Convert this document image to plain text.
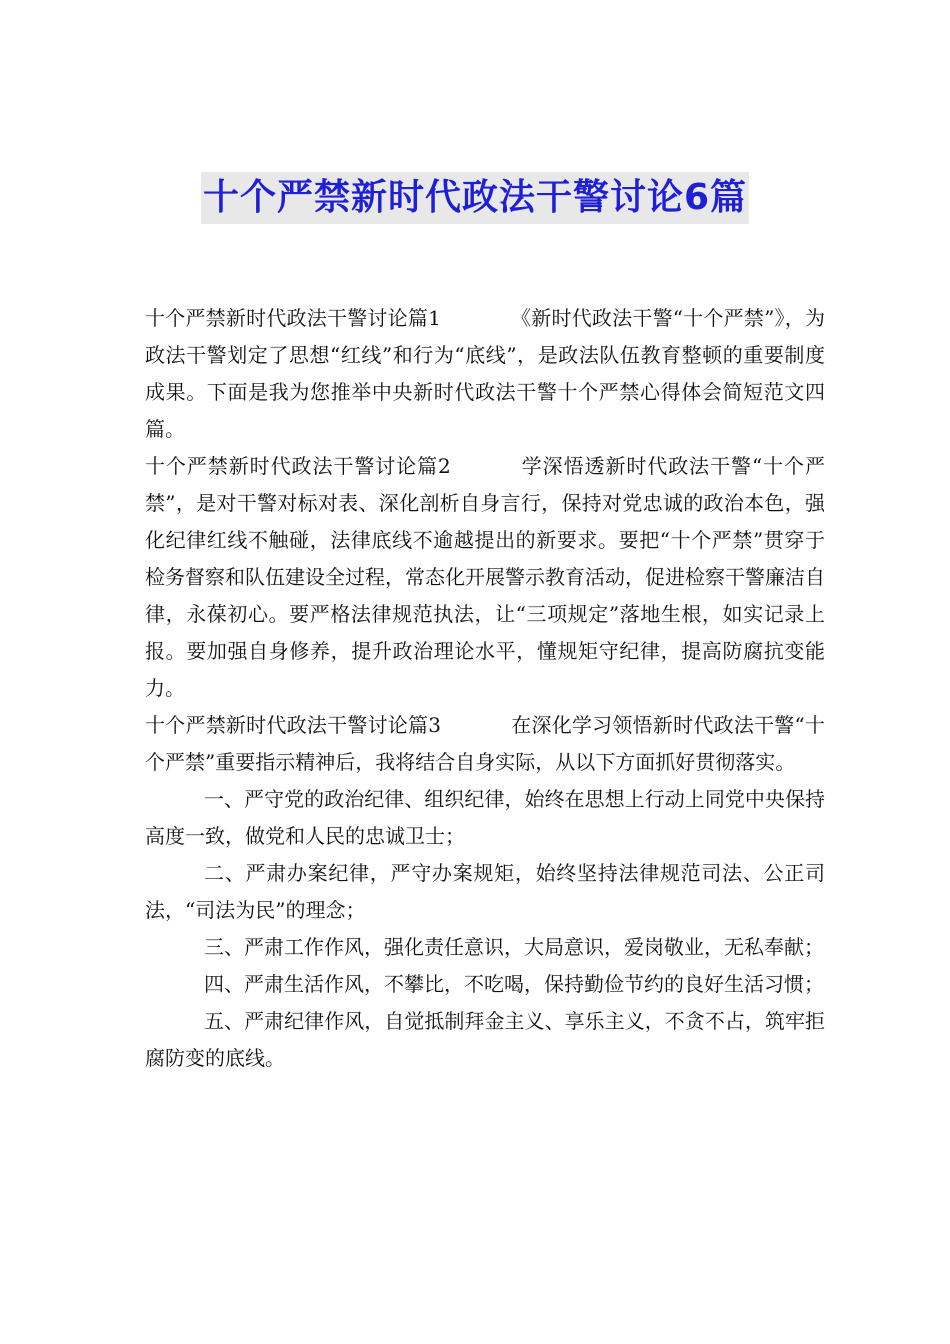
十个严禁新时代政法干警讨论6篇

十个严禁新时代政法干警讨论篇1	《新时代政法干警“十个严禁”》，为政法干警划定了思想“红线”和行为“底线”，是政法队伍教育整顿的重要制度成果。下面是我为您推举中央新时代政法干警十个严禁心得体会简短范文四篇。

十个严禁新时代政法干警讨论篇2	学深悟透新时代政法干警“十个严禁”，是对干警对标对表、深化剖析自身言行，保持对党忠诚的政治本色，强化纪律红线不触碰，法律底线不逾越提出的新要求。要把“十个严禁”贯穿于检务督察和队伍建设全过程，常态化开展警示教育活动，促进检察干警廉洁自律，永葆初心。要严格法律规范执法，让“三项规定”落地生根，如实记录上报。要加强自身修养，提升政治理论水平，懂规矩守纪律，提高防腐抗变能力。

十个严禁新时代政法干警讨论篇3	在深化学习领悟新时代政法干警“十个严禁”重要指示精神后，我将结合自身实际，从以下方面抓好贯彻落实。

一、严守党的政治纪律、组织纪律，始终在思想上行动上同党中央保持高度一致，做党和人民的忠诚卫士；

二、严肃办案纪律，严守办案规矩，始终坚持法律规范司法、公正司法，“司法为民”的理念；

三、严肃工作作风，强化责任意识，大局意识，爱岗敬业，无私奉献；

四、严肃生活作风，不攀比，不吃喝，保持勤俭节约的良好生活习惯；

五、严肃纪律作风，自觉抵制拜金主义、享乐主义，不贪不占，筑牢拒腐防变的底线。
